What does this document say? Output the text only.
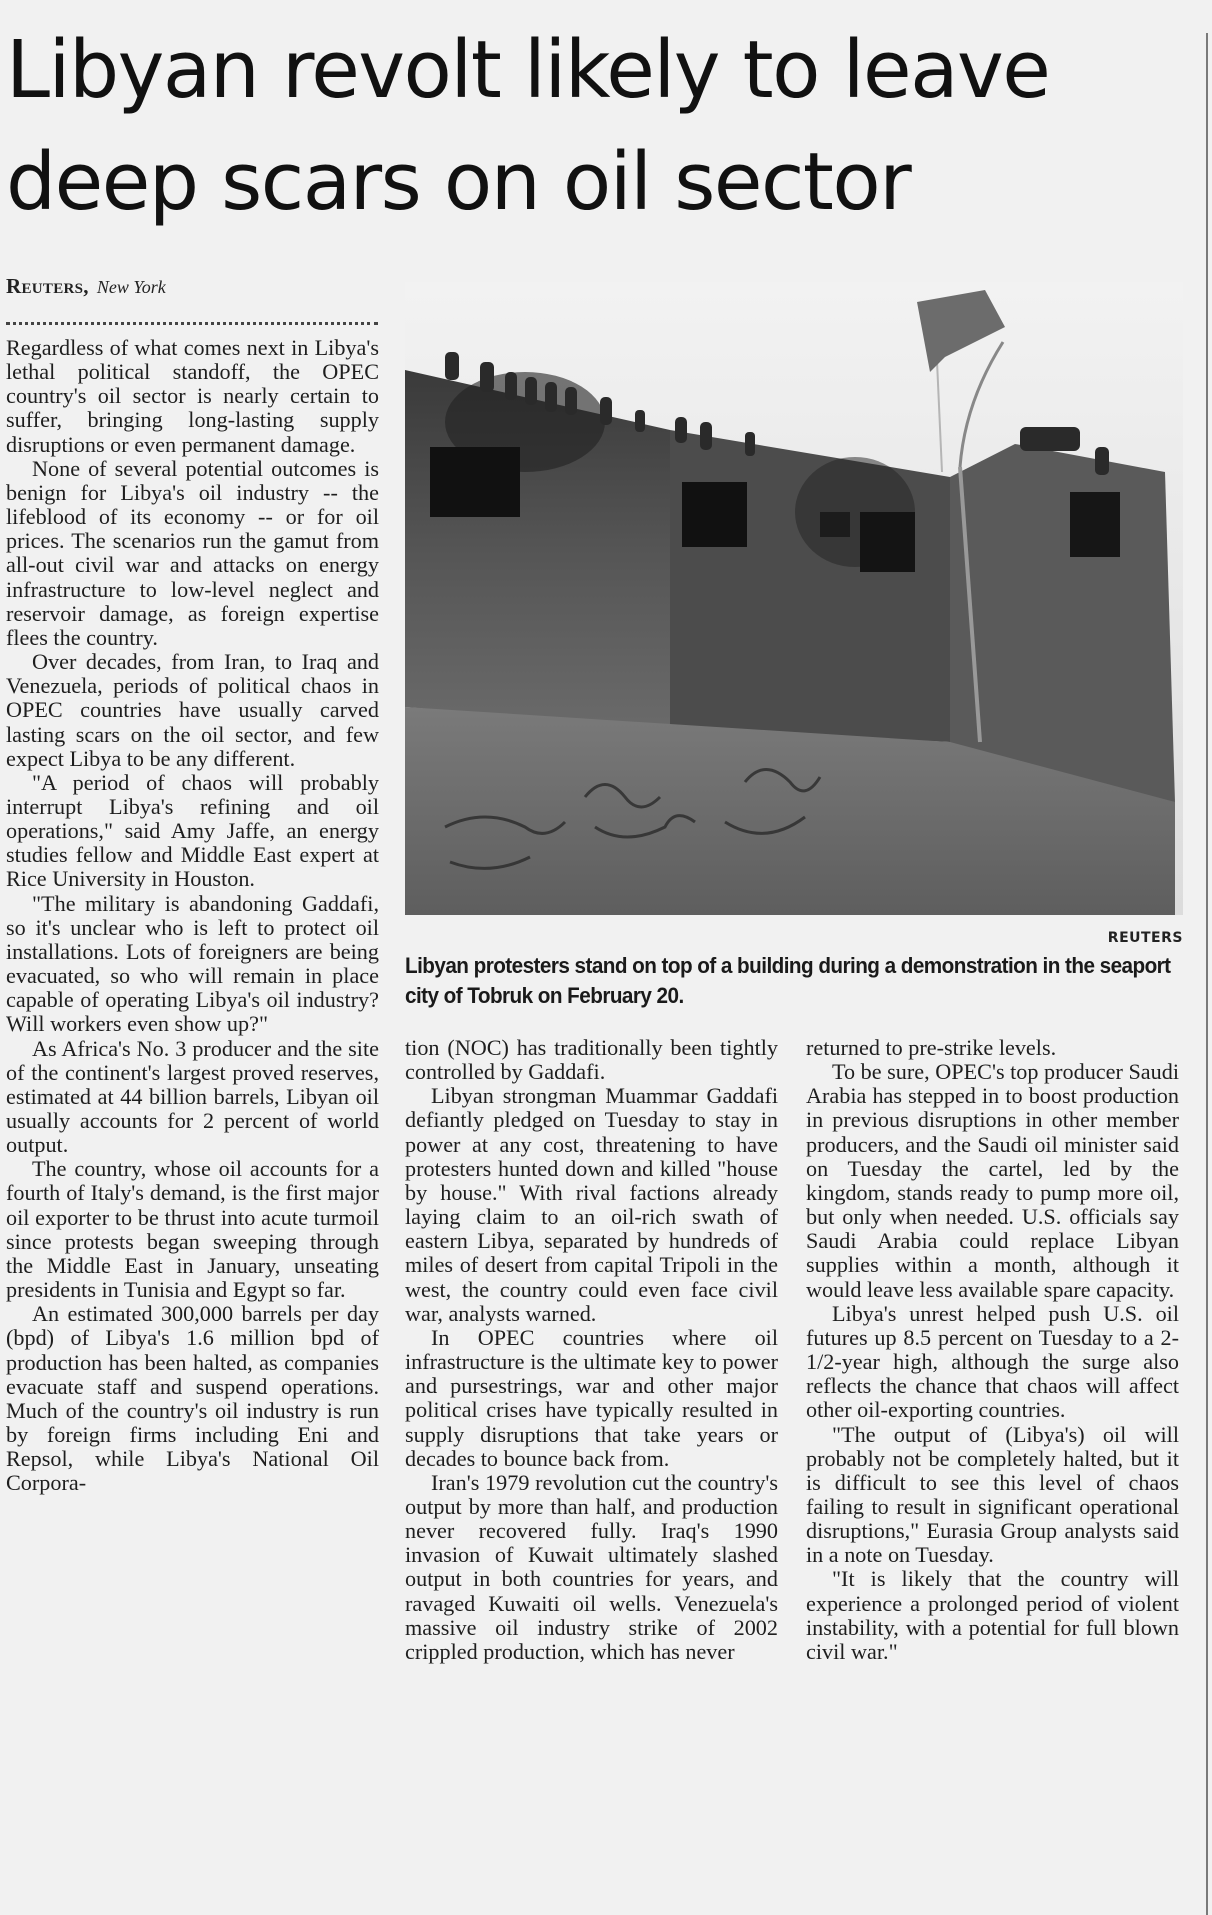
Libyan revolt likely to leave
deep scars on oil sector
Reuters, New York

Regardless of what comes next in Libya's lethal political standoff, the OPEC country's oil sector is nearly certain to suffer, bringing long-lasting supply disruptions or even permanent damage.

None of several potential outcomes is benign for Libya's oil industry -- the lifeblood of its economy -- or for oil prices. The scenarios run the gamut from all-out civil war and attacks on energy infrastructure to low-level neglect and reservoir damage, as foreign expertise flees the country.

Over decades, from Iran, to Iraq and Venezuela, periods of political chaos in OPEC countries have usually carved lasting scars on the oil sector, and few expect Libya to be any different.

"A period of chaos will probably interrupt Libya's refining and oil operations," said Amy Jaffe, an energy studies fellow and Middle East expert at Rice University in Houston.

"The military is abandoning Gaddafi, so it's unclear who is left to protect oil installations. Lots of foreigners are being evacuated, so who will remain in place capable of operating Libya's oil industry? Will workers even show up?"

As Africa's No. 3 producer and the site of the continent's largest proved reserves, estimated at 44 billion barrels, Libyan oil usually accounts for 2 percent of world output.

The country, whose oil accounts for a fourth of Italy's demand, is the first major oil exporter to be thrust into acute turmoil since protests began sweeping through the Middle East in January, unseating presidents in Tunisia and Egypt so far.

An estimated 300,000 barrels per day (bpd) of Libya's 1.6 million bpd of production has been halted, as companies evacuate staff and suspend operations. Much of the country's oil industry is run by foreign firms including Eni and Repsol, while Libya's National Oil Corpora-

REUTERS

Libyan protesters stand on top of a building during a demonstration in the seaport city of Tobruk on February 20.

tion (NOC) has traditionally been tightly controlled by Gaddafi.

Libyan strongman Muammar Gaddafi defiantly pledged on Tuesday to stay in power at any cost, threatening to have protesters hunted down and killed "house by house." With rival factions already laying claim to an oil-rich swath of eastern Libya, separated by hundreds of miles of desert from capital Tripoli in the west, the country could even face civil war, analysts warned.

In OPEC countries where oil infrastructure is the ultimate key to power and pursestrings, war and other major political crises have typically resulted in supply disruptions that take years or decades to bounce back from.

Iran's 1979 revolution cut the country's output by more than half, and production never recovered fully. Iraq's 1990 invasion of Kuwait ultimately slashed output in both countries for years, and ravaged Kuwaiti oil wells. Venezuela's massive oil industry strike of 2002 crippled production, which has never

returned to pre-strike levels.

To be sure, OPEC's top producer Saudi Arabia has stepped in to boost production in previous disruptions in other member producers, and the Saudi oil minister said on Tuesday the cartel, led by the kingdom, stands ready to pump more oil, but only when needed. U.S. officials say Saudi Arabia could replace Libyan supplies within a month, although it would leave less available spare capacity.

Libya's unrest helped push U.S. oil futures up 8.5 percent on Tuesday to a 2-1/2-year high, although the surge also reflects the chance that chaos will affect other oil-exporting countries.

"The output of (Libya's) oil will probably not be completely halted, but it is difficult to see this level of chaos failing to result in significant operational disruptions," Eurasia Group analysts said in a note on Tuesday.

"It is likely that the country will experience a prolonged period of violent instability, with a potential for full blown civil war."
